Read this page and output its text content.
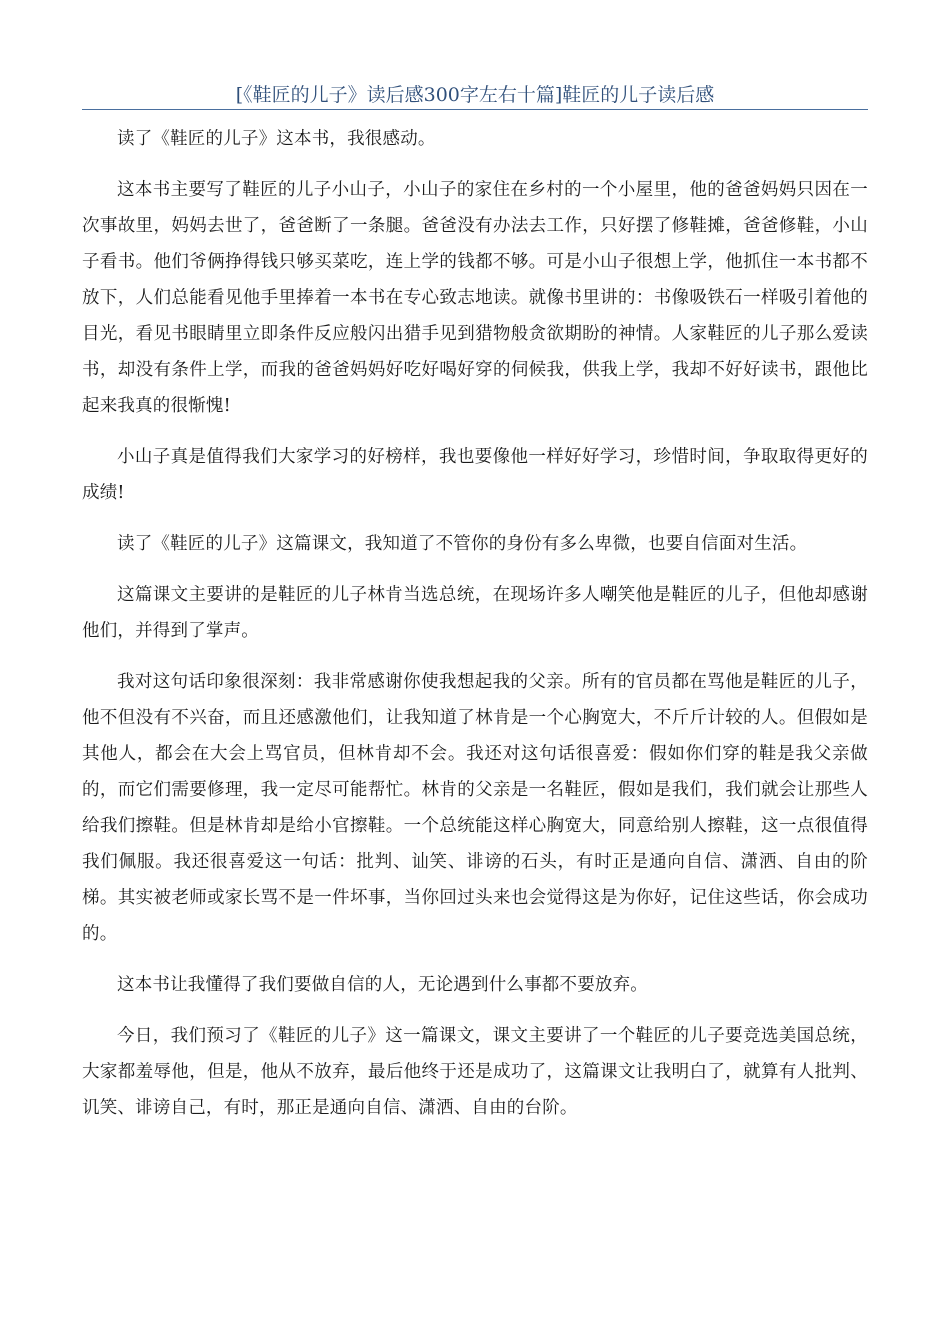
[《鞋匠的儿子》读后感300字左右十篇]鞋匠的儿子读后感

读了《鞋匠的儿子》这本书，我很感动。

这本书主要写了鞋匠的儿子小山子，小山子的家住在乡村的一个小屋里，他的爸爸妈妈只因在一次事故里，妈妈去世了，爸爸断了一条腿。爸爸没有办法去工作，只好摆了修鞋摊，爸爸修鞋，小山子看书。他们爷俩挣得钱只够买菜吃，连上学的钱都不够。可是小山子很想上学，他抓住一本书都不放下，人们总能看见他手里捧着一本书在专心致志地读。就像书里讲的：书像吸铁石一样吸引着他的目光，看见书眼睛里立即条件反应般闪出猎手见到猎物般贪欲期盼的神情。人家鞋匠的儿子那么爱读书，却没有条件上学，而我的爸爸妈妈好吃好喝好穿的伺候我，供我上学，我却不好好读书，跟他比起来我真的很惭愧!

小山子真是值得我们大家学习的好榜样，我也要像他一样好好学习，珍惜时间，争取取得更好的成绩!

读了《鞋匠的儿子》这篇课文，我知道了不管你的身份有多么卑微，也要自信面对生活。

这篇课文主要讲的是鞋匠的儿子林肯当选总统，在现场许多人嘲笑他是鞋匠的儿子，但他却感谢他们，并得到了掌声。

我对这句话印象很深刻：我非常感谢你使我想起我的父亲。所有的官员都在骂他是鞋匠的儿子，他不但没有不兴奋，而且还感激他们，让我知道了林肯是一个心胸宽大，不斤斤计较的人。但假如是其他人，都会在大会上骂官员，但林肯却不会。我还对这句话很喜爱：假如你们穿的鞋是我父亲做的，而它们需要修理，我一定尽可能帮忙。林肯的父亲是一名鞋匠，假如是我们，我们就会让那些人给我们擦鞋。但是林肯却是给小官擦鞋。一个总统能这样心胸宽大，同意给别人擦鞋，这一点很值得我们佩服。我还很喜爱这一句话：批判、讪笑、诽谤的石头，有时正是通向自信、潇洒、自由的阶梯。其实被老师或家长骂不是一件坏事，当你回过头来也会觉得这是为你好，记住这些话，你会成功的。

这本书让我懂得了我们要做自信的人，无论遇到什么事都不要放弃。

今日，我们预习了《鞋匠的儿子》这一篇课文，课文主要讲了一个鞋匠的儿子要竞选美国总统，大家都羞辱他，但是，他从不放弃，最后他终于还是成功了，这篇课文让我明白了，就算有人批判、讥笑、诽谤自己，有时，那正是通向自信、潇洒、自由的台阶。
